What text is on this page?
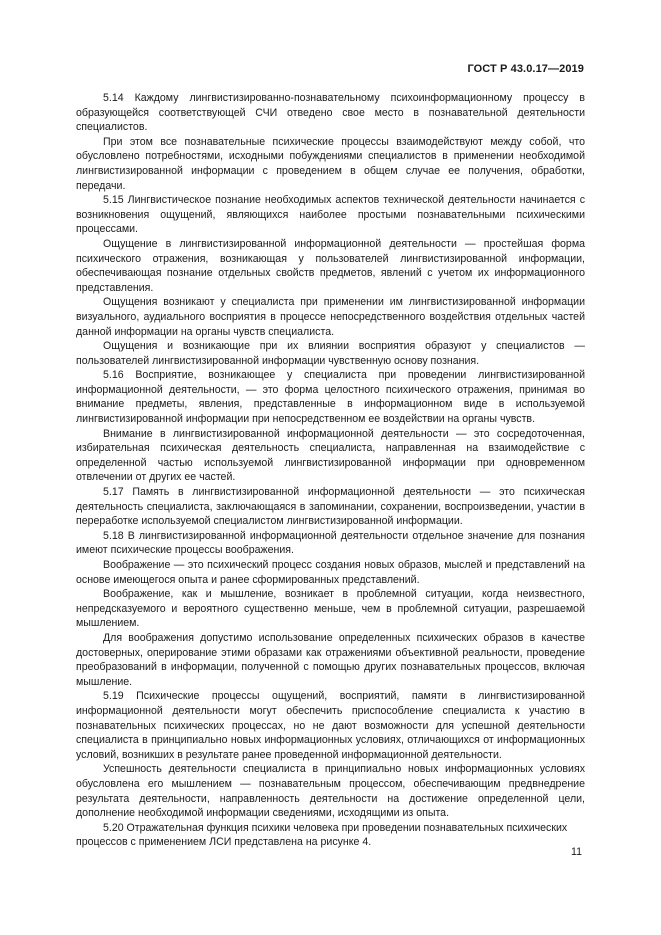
ГОСТ Р 43.0.17—2019

5.14 Каждому лингвистизированно-познавательному психоинформационному процессу в образующейся соответствующей СЧИ отведено свое место в познавательной деятельности специалистов.

При этом все познавательные психические процессы взаимодействуют между собой, что обусловлено потребностями, исходными побуждениями специалистов в применении необходимой лингвистизированной информации с проведением в общем случае ее получения, обработки, передачи.

5.15 Лингвистическое познание необходимых аспектов технической деятельности начинается с возникновения ощущений, являющихся наиболее простыми познавательными психическими процессами.

Ощущение в лингвистизированной информационной деятельности — простейшая форма психического отражения, возникающая у пользователей лингвистизированной информации, обеспечивающая познание отдельных свойств предметов, явлений с учетом их информационного представления.

Ощущения возникают у специалиста при применении им лингвистизированной информации визуального, аудиального восприятия в процессе непосредственного воздействия отдельных частей данной информации на органы чувств специалиста.

Ощущения и возникающие при их влиянии восприятия образуют у специалистов — пользователей лингвистизированной информации чувственную основу познания.

5.16 Восприятие, возникающее у специалиста при проведении лингвистизированной информационной деятельности, — это форма целостного психического отражения, принимая во внимание предметы, явления, представленные в информационном виде в используемой лингвистизированной информации при непосредственном ее воздействии на органы чувств.

Внимание в лингвистизированной информационной деятельности — это сосредоточенная, избирательная психическая деятельность специалиста, направленная на взаимодействие с определенной частью используемой лингвистизированной информации при одновременном отвлечении от других ее частей.

5.17 Память в лингвистизированной информационной деятельности — это психическая деятельность специалиста, заключающаяся в запоминании, сохранении, воспроизведении, участии в переработке используемой специалистом лингвистизированной информации.

5.18 В лингвистизированной информационной деятельности отдельное значение для познания имеют психические процессы воображения.

Воображение — это психический процесс создания новых образов, мыслей и представлений на основе имеющегося опыта и ранее сформированных представлений.

Воображение, как и мышление, возникает в проблемной ситуации, когда неизвестного, непредсказуемого и вероятного существенно меньше, чем в проблемной ситуации, разрешаемой мышлением.

Для воображения допустимо использование определенных психических образов в качестве достоверных, оперирование этими образами как отражениями объективной реальности, проведение преобразований в информации, полученной с помощью других познавательных процессов, включая мышление.

5.19 Психические процессы ощущений, восприятий, памяти в лингвистизированной информационной деятельности могут обеспечить приспособление специалиста к участию в познавательных психических процессах, но не дают возможности для успешной деятельности специалиста в принципиально новых информационных условиях, отличающихся от информационных условий, возникших в результате ранее проведенной информационной деятельности.

Успешность деятельности специалиста в принципиально новых информационных условиях обусловлена его мышлением — познавательным процессом, обеспечивающим предвнедрение результата деятельности, направленность деятельности на достижение определенной цели, дополнение необходимой информации сведениями, исходящими из опыта.

5.20 Отражательная функция психики человека при проведении познавательных психических процессов с применением ЛСИ представлена на рисунке 4.

11
